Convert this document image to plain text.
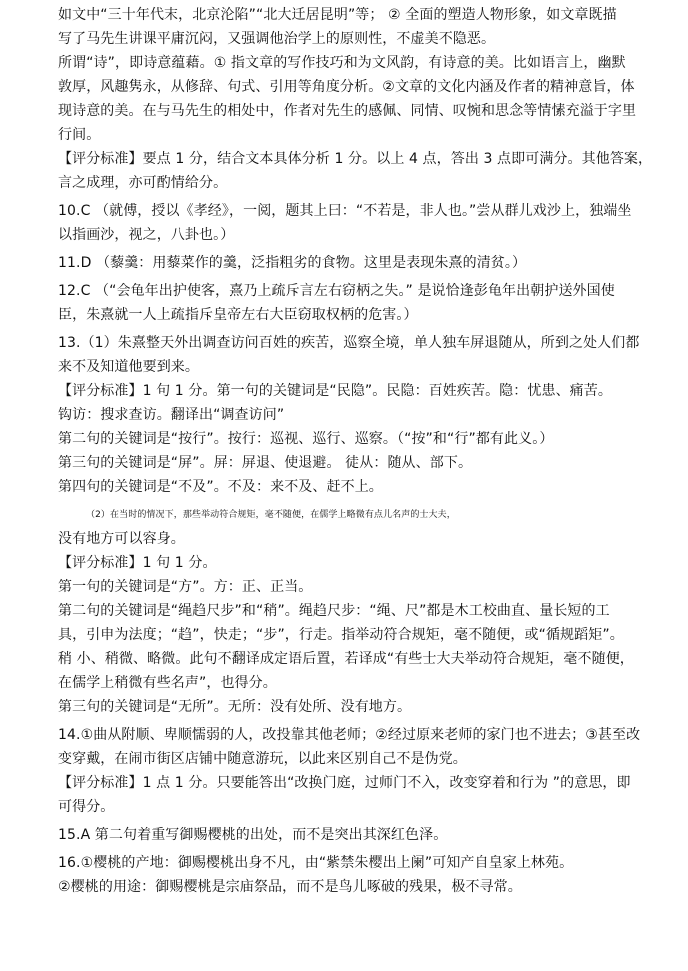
如文中“三十年代末，北京沦陷”“北大迁居昆明”等； ② 全面的塑造人物形象，如文章既描
写了马先生讲课平庸沉闷，又强调他治学上的原则性，不虚美不隐恶。
所谓“诗”，即诗意蕴藉。① 指文章的写作技巧和为文风韵，有诗意的美。比如语言上，幽默
敦厚，风趣隽永，从修辞、句式、引用等角度分析。②文章的文化内涵及作者的精神意旨，体
现诗意的美。在与马先生的相处中，作者对先生的感佩、同情、叹惋和思念等情愫充溢于字里
行间。
【评分标准】要点 1 分，结合文本具体分析 1 分。以上 4 点，答出 3 点即可满分。其他答案，
言之成理，亦可酌情给分。
10.C （就傅，授以《孝经》，一阅，题其上曰：“不若是，非人也。”尝从群儿戏沙上，独端坐
以指画沙，视之，八卦也。）
11.D （藜羹：用藜菜作的羹，泛指粗劣的食物。这里是表现朱熹的清贫。）
12.C （“会龟年出护使客，熹乃上疏斥言左右窃柄之失。” 是说恰逢彭龟年出朝护送外国使
臣，朱熹就一人上疏指斥皇帝左右大臣窃取权柄的危害。）
13.（1）朱熹整天外出调查访问百姓的疾苦，巡察全境，单人独车屏退随从，所到之处人们都
来不及知道他要到来。
【评分标准】1 句 1 分。第一句的关键词是“民隐”。民隐：百姓疾苦。隐：忧患、痛苦。
钩访：搜求查访。翻译出“调查访问”
第二句的关键词是“按行”。按行：巡视、巡行、巡察。（“按”和“行”都有此义。）
第三句的关键词是“屏”。屏：屏退、使退避。 徒从：随从、部下。
第四句的关键词是“不及”。不及：来不及、赶不上。
（2）在当时的情况下，那些举动符合规矩，毫不随便，在儒学上略微有点儿名声的士大夫，
没有地方可以容身。
【评分标准】1 句 1 分。
第一句的关键词是“方”。方：正、正当。
第二句的关键词是“绳趋尺步”和“稍”。绳趋尺步：“绳、尺”都是木工校曲直、量长短的工
具，引申为法度；“趋”，快走；“步”，行走。指举动符合规矩，毫不随便，或“循规蹈矩”。
稍 小、稍微、略微。此句不翻译成定语后置，若译成“有些士大夫举动符合规矩，毫不随便，
在儒学上稍微有些名声”，也得分。
第三句的关键词是“无所”。无所：没有处所、没有地方。
14.①曲从附顺、卑顺懦弱的人，改投靠其他老师；②经过原来老师的家门也不进去；③甚至改
变穿戴，在闹市街区店铺中随意游玩，以此来区别自己不是伪党。
【评分标准】1 点 1 分。只要能答出“改换门庭，过师门不入，改变穿着和行为 ”的意思，即
可得分。
15.A 第二句着重写御赐樱桃的出处，而不是突出其深红色泽。
16.①樱桃的产地：御赐樱桃出身不凡，由“紫禁朱樱出上阑”可知产自皇家上林苑。
②樱桃的用途：御赐樱桃是宗庙祭品，而不是鸟儿啄破的残果，极不寻常。
